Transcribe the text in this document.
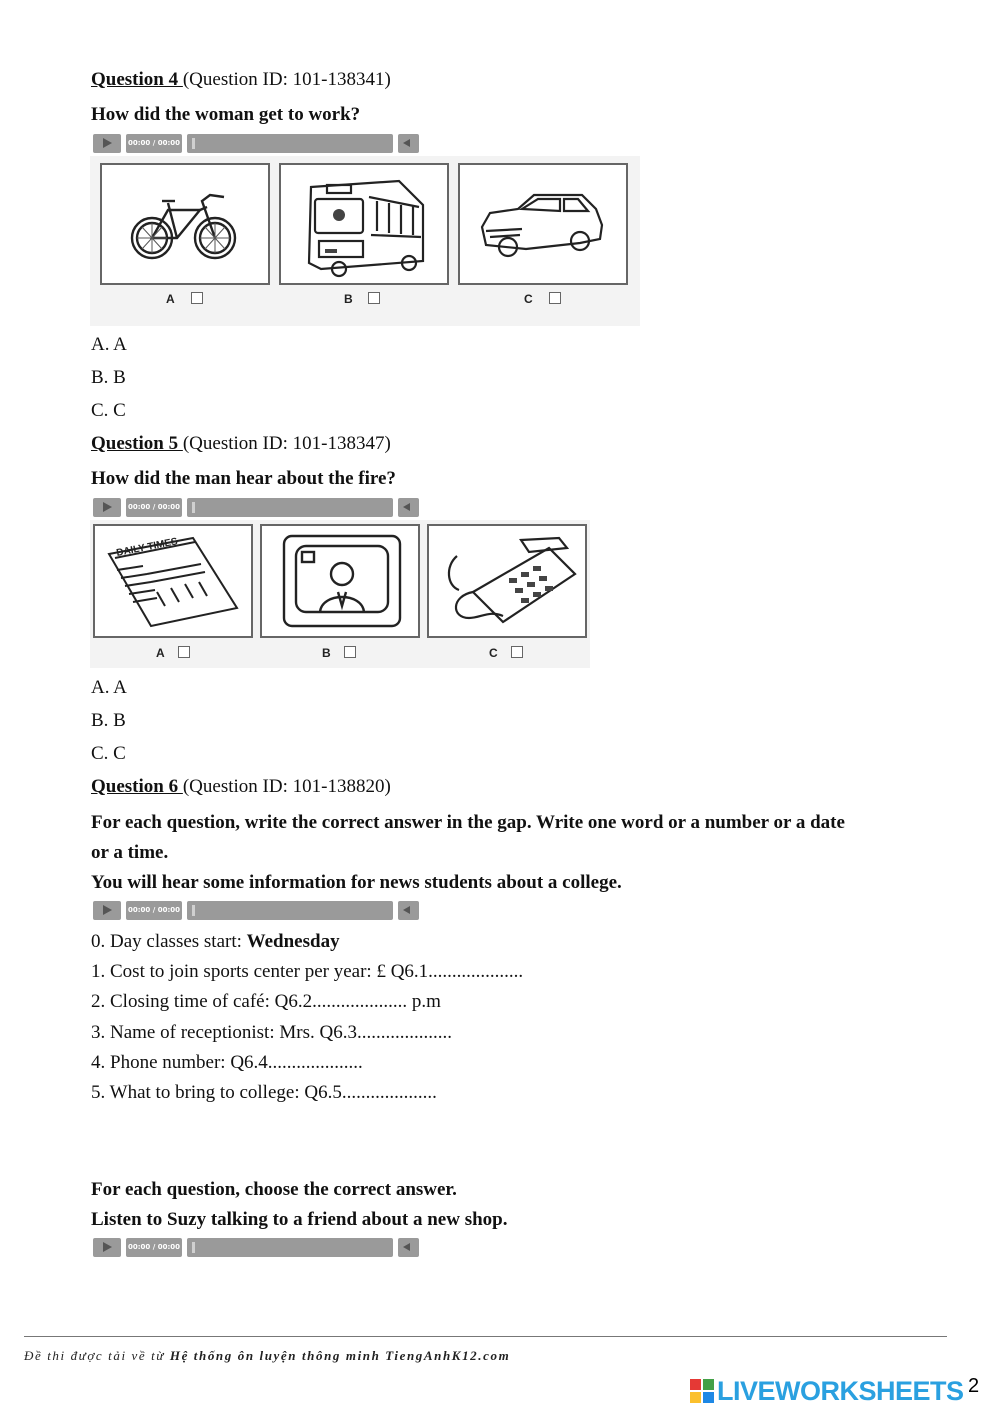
Question 4 (Question ID: 101-138341)
How did the woman get to work?
00:00 / 00:00
A	B	C
A. A
B. B
C. C
Question 5 (Question ID: 101-138347)
How did the man hear about the fire?
00:00 / 00:00
DAILY TIMES
A	B	C
A. A
B. B
C. C
Question 6 (Question ID: 101-138820)
For each question, write the correct answer in the gap. Write one word or a number or a date
or a time.
You will hear some information for news students about a college.
00:00 / 00:00
0. Day classes start: Wednesday
1. Cost to join sports center per year: £ Q6.1....................
2. Closing time of café: Q6.2.................... p.m
3. Name of receptionist: Mrs. Q6.3....................
4. Phone number: Q6.4....................
5. What to bring to college: Q6.5....................
For each question, choose the correct answer.
Listen to Suzy talking to a friend about a new shop.
00:00 / 00:00
Đề thi được tải về từ Hệ thống ôn luyện thông minh TiengAnhK12.com
LIVEWORKSHEETS 2
